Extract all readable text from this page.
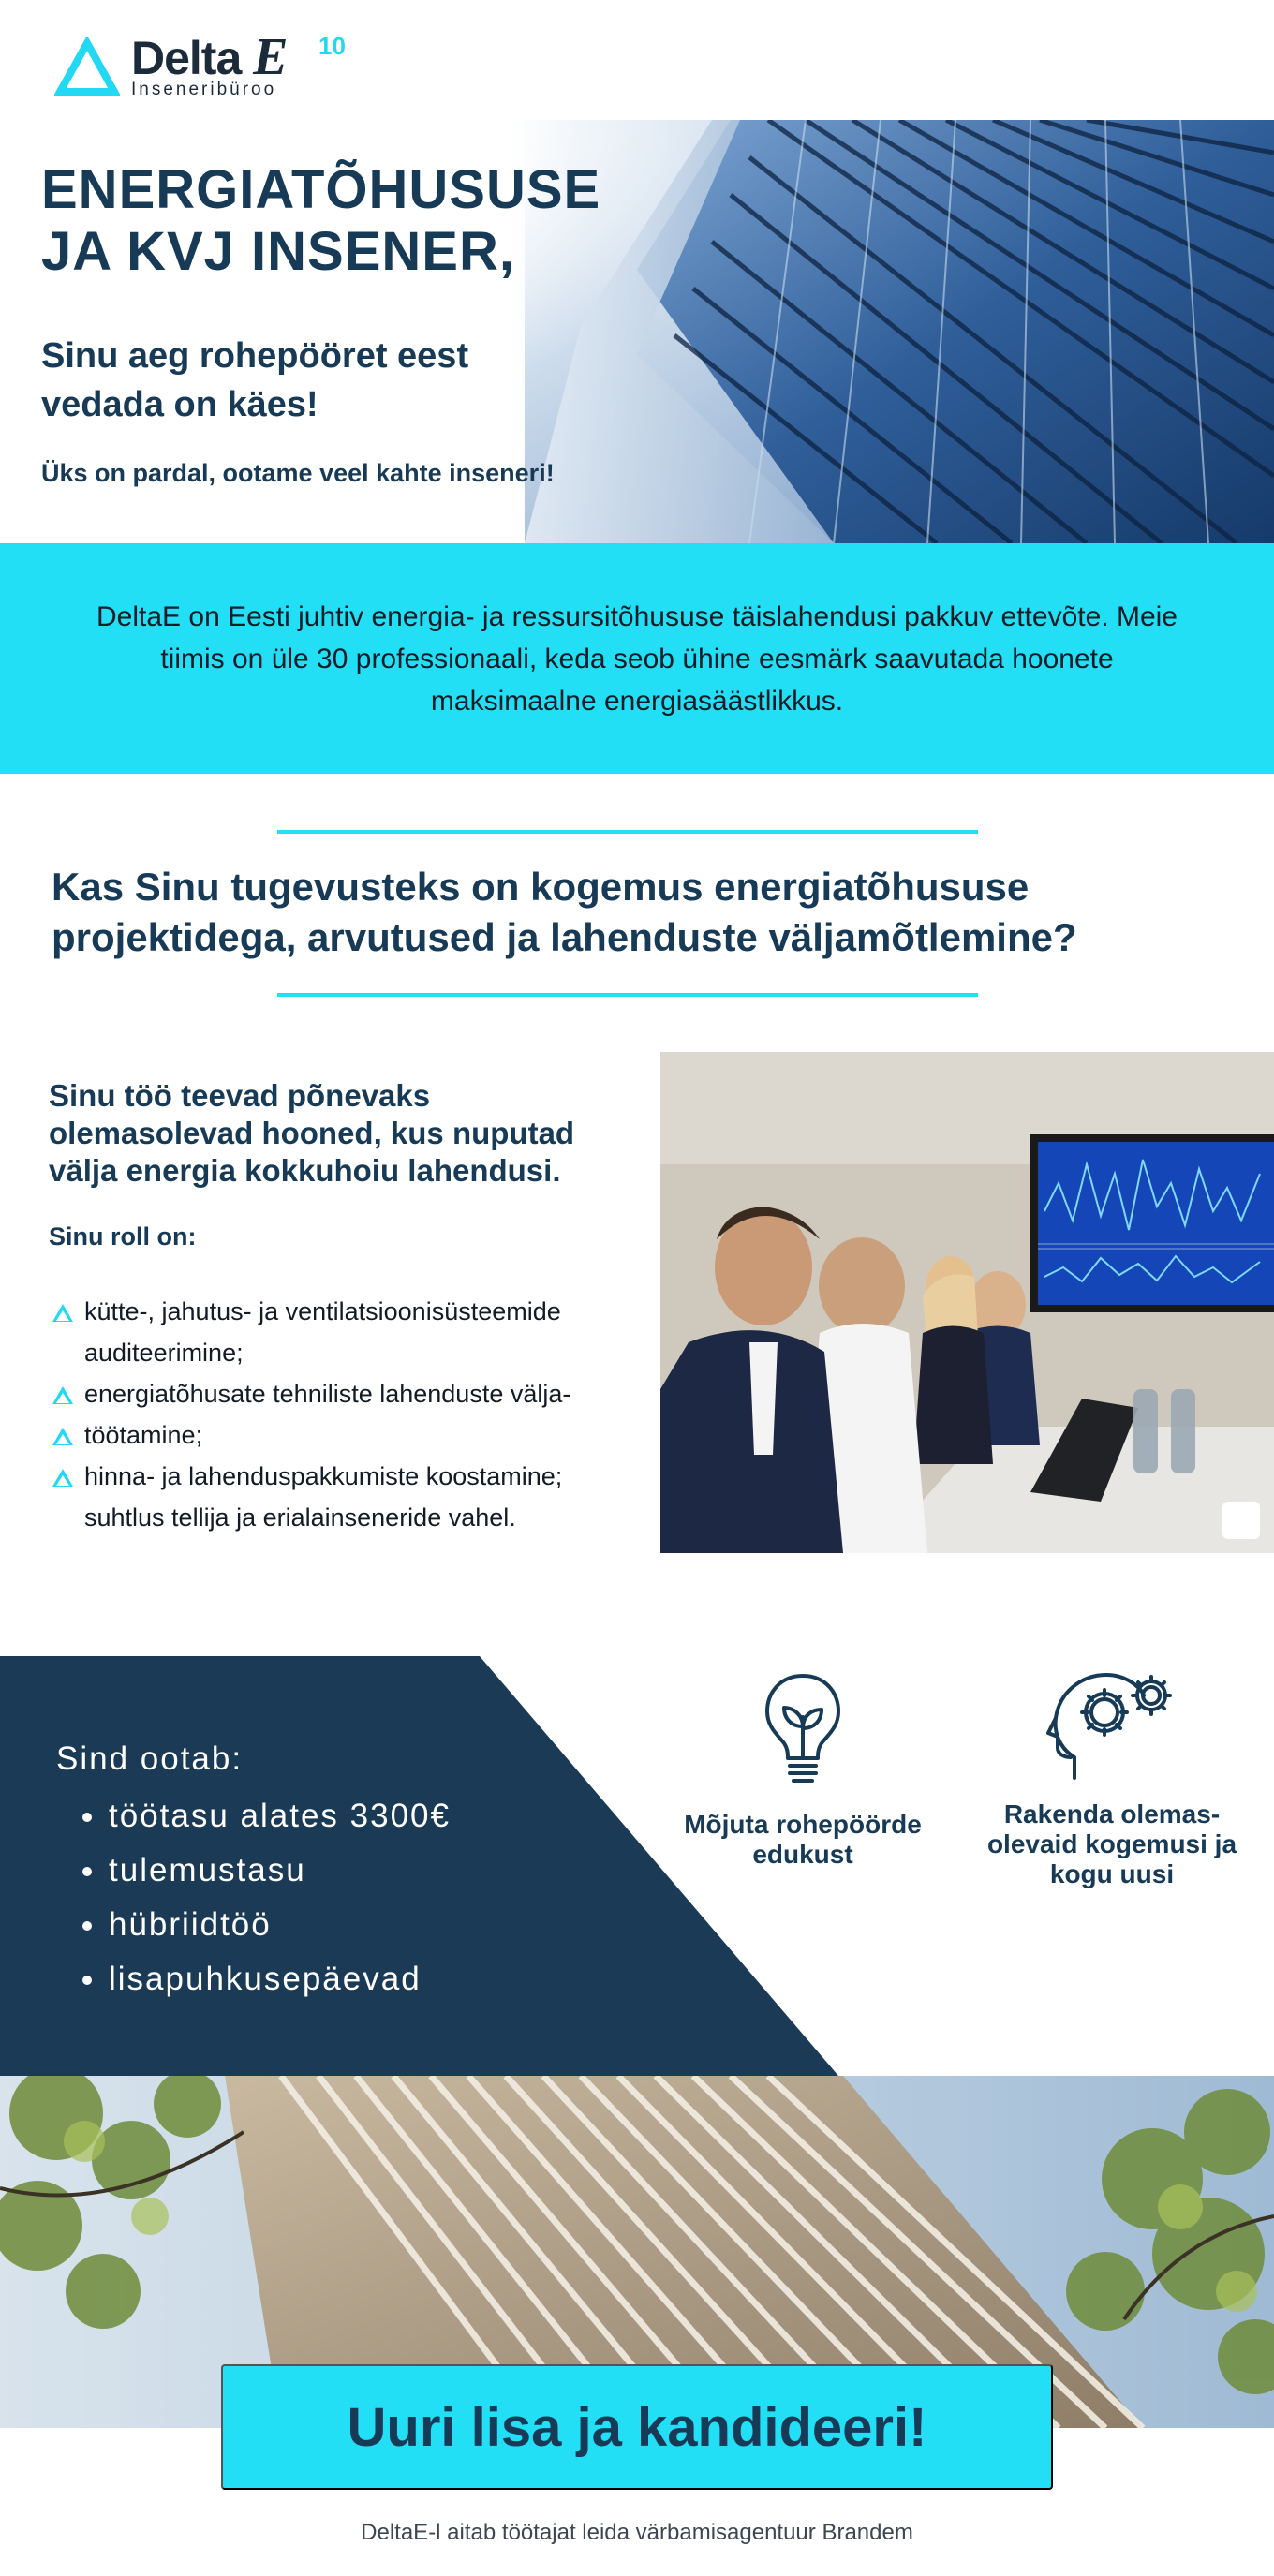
Delta E 10
Inseneribüroo
ENERGIATÕHUSUSE
JA KVJ INSENER,
Sinu aeg rohepööret eest
vedada on käes!

Üks on pardal, ootame veel kahte inseneri!

DeltaE on Eesti juhtiv energia- ja ressursitõhususe täislahendusi pakkuv ettevõte. Meie tiimis on üle 30 professionaali, keda seob ühine eesmärk saavutada hoonete maksimaalne energiasäästlikkus.

Kas Sinu tugevusteks on kogemus energiatõhususe
projektidega, arvutused ja lahenduste väljamõtlemine?
Sinu töö teevad põnevaks olemasolevad hooned, kus nuputad välja energia kokkuhoiu lahendusi.

Sinu roll on:

kütte-, jahutus- ja ventilatsioonisüsteemide
auditeerimine;
energiatõhusate tehniliste lahenduste välja-
töötamine;
hinna- ja lahenduspakkumiste koostamine;
suhtlus tellija ja erialainseneride vahel.

Sind ootab:

töötasu alates 3300€
tulemustasu
hübriidtöö
lisapuhkusepäevad
Mõjuta rohepöörde
edukust
Rakenda olemas-
olevaid kogemusi ja
kogu uusi
Uuri lisa ja kandideeri!

DeltaE-l aitab töötajat leida värbamisagentuur Brandem
